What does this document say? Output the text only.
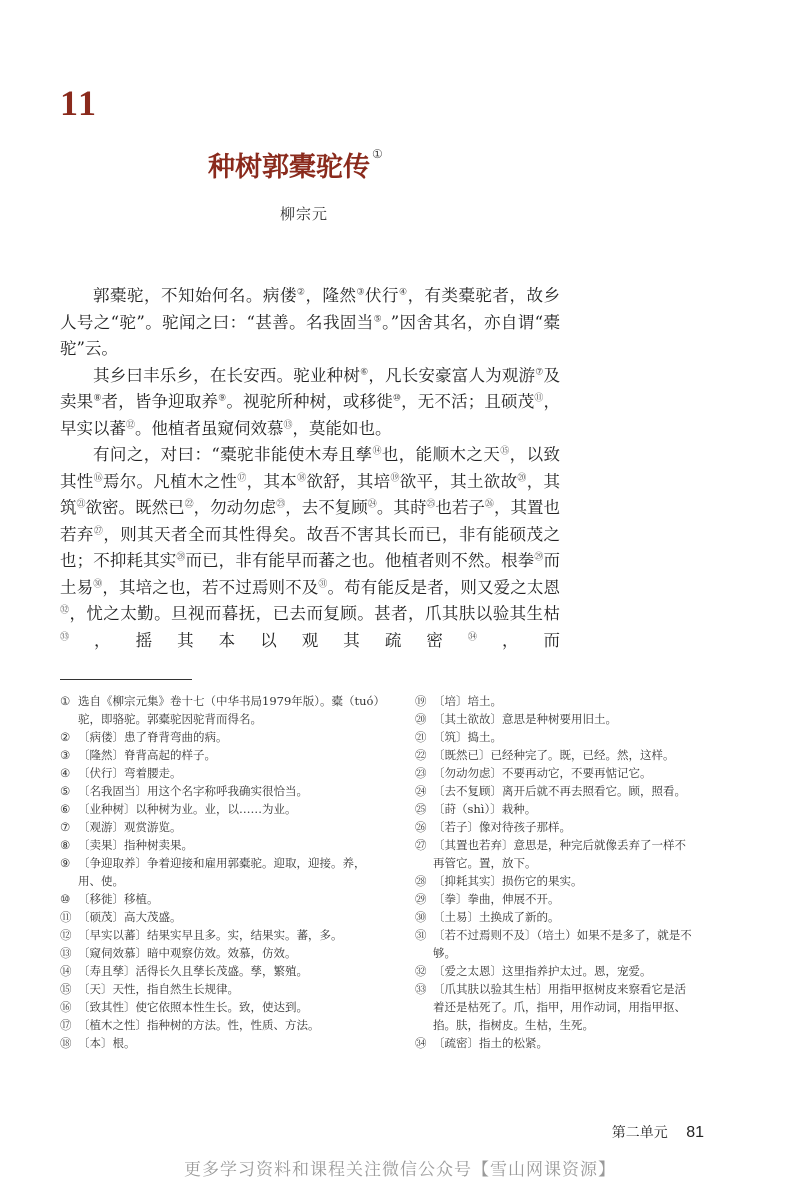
11
种树郭橐驼传 ①
柳宗元

郭橐驼，不知始何名。病偻②，隆然③伏行④，有类橐驼者，故乡人号之“驼”。驼闻之曰：“甚善。名我固当⑤。”因舍其名，亦自谓“橐驼”云。

其乡曰丰乐乡，在长安西。驼业种树⑥，凡长安豪富人为观游⑦及卖果⑧者，皆争迎取养⑨。视驼所种树，或移徙⑩，无不活；且硕茂⑪，早实以蕃⑫。他植者虽窥伺效慕⑬，莫能如也。

有问之，对曰：“橐驼非能使木寿且孳⑭也，能顺木之天⑮，以致其性⑯焉尔。凡植木之性⑰，其本⑱欲舒，其培⑲欲平，其土欲故⑳，其筑$^㉑$欲密。既然已$^㉒$，勿动勿虑$^㉓$，去不复顾$^㉔$。其莳$^㉕$也若子$^㉖$，其置也若弃$^㉗$，则其天者全而其性得矣。故吾不害其长而已，非有能硕茂之也；不抑耗其实$^㉘$而已，非有能早而蕃之也。他植者则不然。根拳$^㉙$而土易$^㉚$，其培之也，若不过焉则不及$^㉛$。苟有能反是者，则又爱之太恩$^㉜$，忧之太勤。旦视而暮抚，已去而复顾。甚者，爪其肤以验其生枯$^㉝$，摇其本以观其疏密$^㉞$，而

① 选自《柳宗元集》卷十七（中华书局1979年版）。橐（tuó）驼，即骆驼。郭橐驼因驼背而得名。
② 〔病偻〕患了脊背弯曲的病。
③ 〔隆然〕脊背高起的样子。
④ 〔伏行〕弯着腰走。
⑤ 〔名我固当〕用这个名字称呼我确实很恰当。
⑥ 〔业种树〕以种树为业。业，以……为业。
⑦ 〔观游〕观赏游览。
⑧ 〔卖果〕指种树卖果。
⑨ 〔争迎取养〕争着迎接和雇用郭橐驼。迎取，迎接。养，用、使。
⑩ 〔移徙〕移植。
⑪ 〔硕茂〕高大茂盛。
⑫ 〔早实以蕃〕结果实早且多。实，结果实。蕃，多。
⑬ 〔窥伺效慕〕暗中观察仿效。效慕，仿效。
⑭ 〔寿且孳〕活得长久且孳长茂盛。孳，繁殖。
⑮ 〔天〕天性，指自然生长规律。
⑯ 〔致其性〕使它依照本性生长。致，使达到。
⑰ 〔植木之性〕指种树的方法。性，性质、方法。
⑱ 〔本〕根。
⑲ 〔培〕培土。
⑳ 〔其土欲故〕意思是种树要用旧土。
㉑ 〔筑〕捣土。
㉒ 〔既然已〕已经种完了。既，已经。然，这样。
㉓ 〔勿动勿虑〕不要再动它，不要再惦记它。
㉔ 〔去不复顾〕离开后就不再去照看它。顾，照看。
㉕ 〔莳（shì）〕栽种。
㉖ 〔若子〕像对待孩子那样。
㉗ 〔其置也若弃〕意思是，种完后就像丢弃了一样不再管它。置，放下。
㉘ 〔抑耗其实〕损伤它的果实。
㉙ 〔拳〕拳曲，伸展不开。
㉚ 〔土易〕土换成了新的。
㉛ 〔若不过焉则不及〕（培土）如果不是多了，就是不够。
㉜ 〔爱之太恩〕这里指养护太过。恩，宠爱。
㉝ 〔爪其肤以验其生枯〕用指甲抠树皮来察看它是活着还是枯死了。爪，指甲，用作动词，用指甲抠、掐。肤，指树皮。生枯，生死。
㉞ 〔疏密〕指土的松紧。
第二单元 81
更多学习资料和课程关注微信公众号【雪山网课资源】
